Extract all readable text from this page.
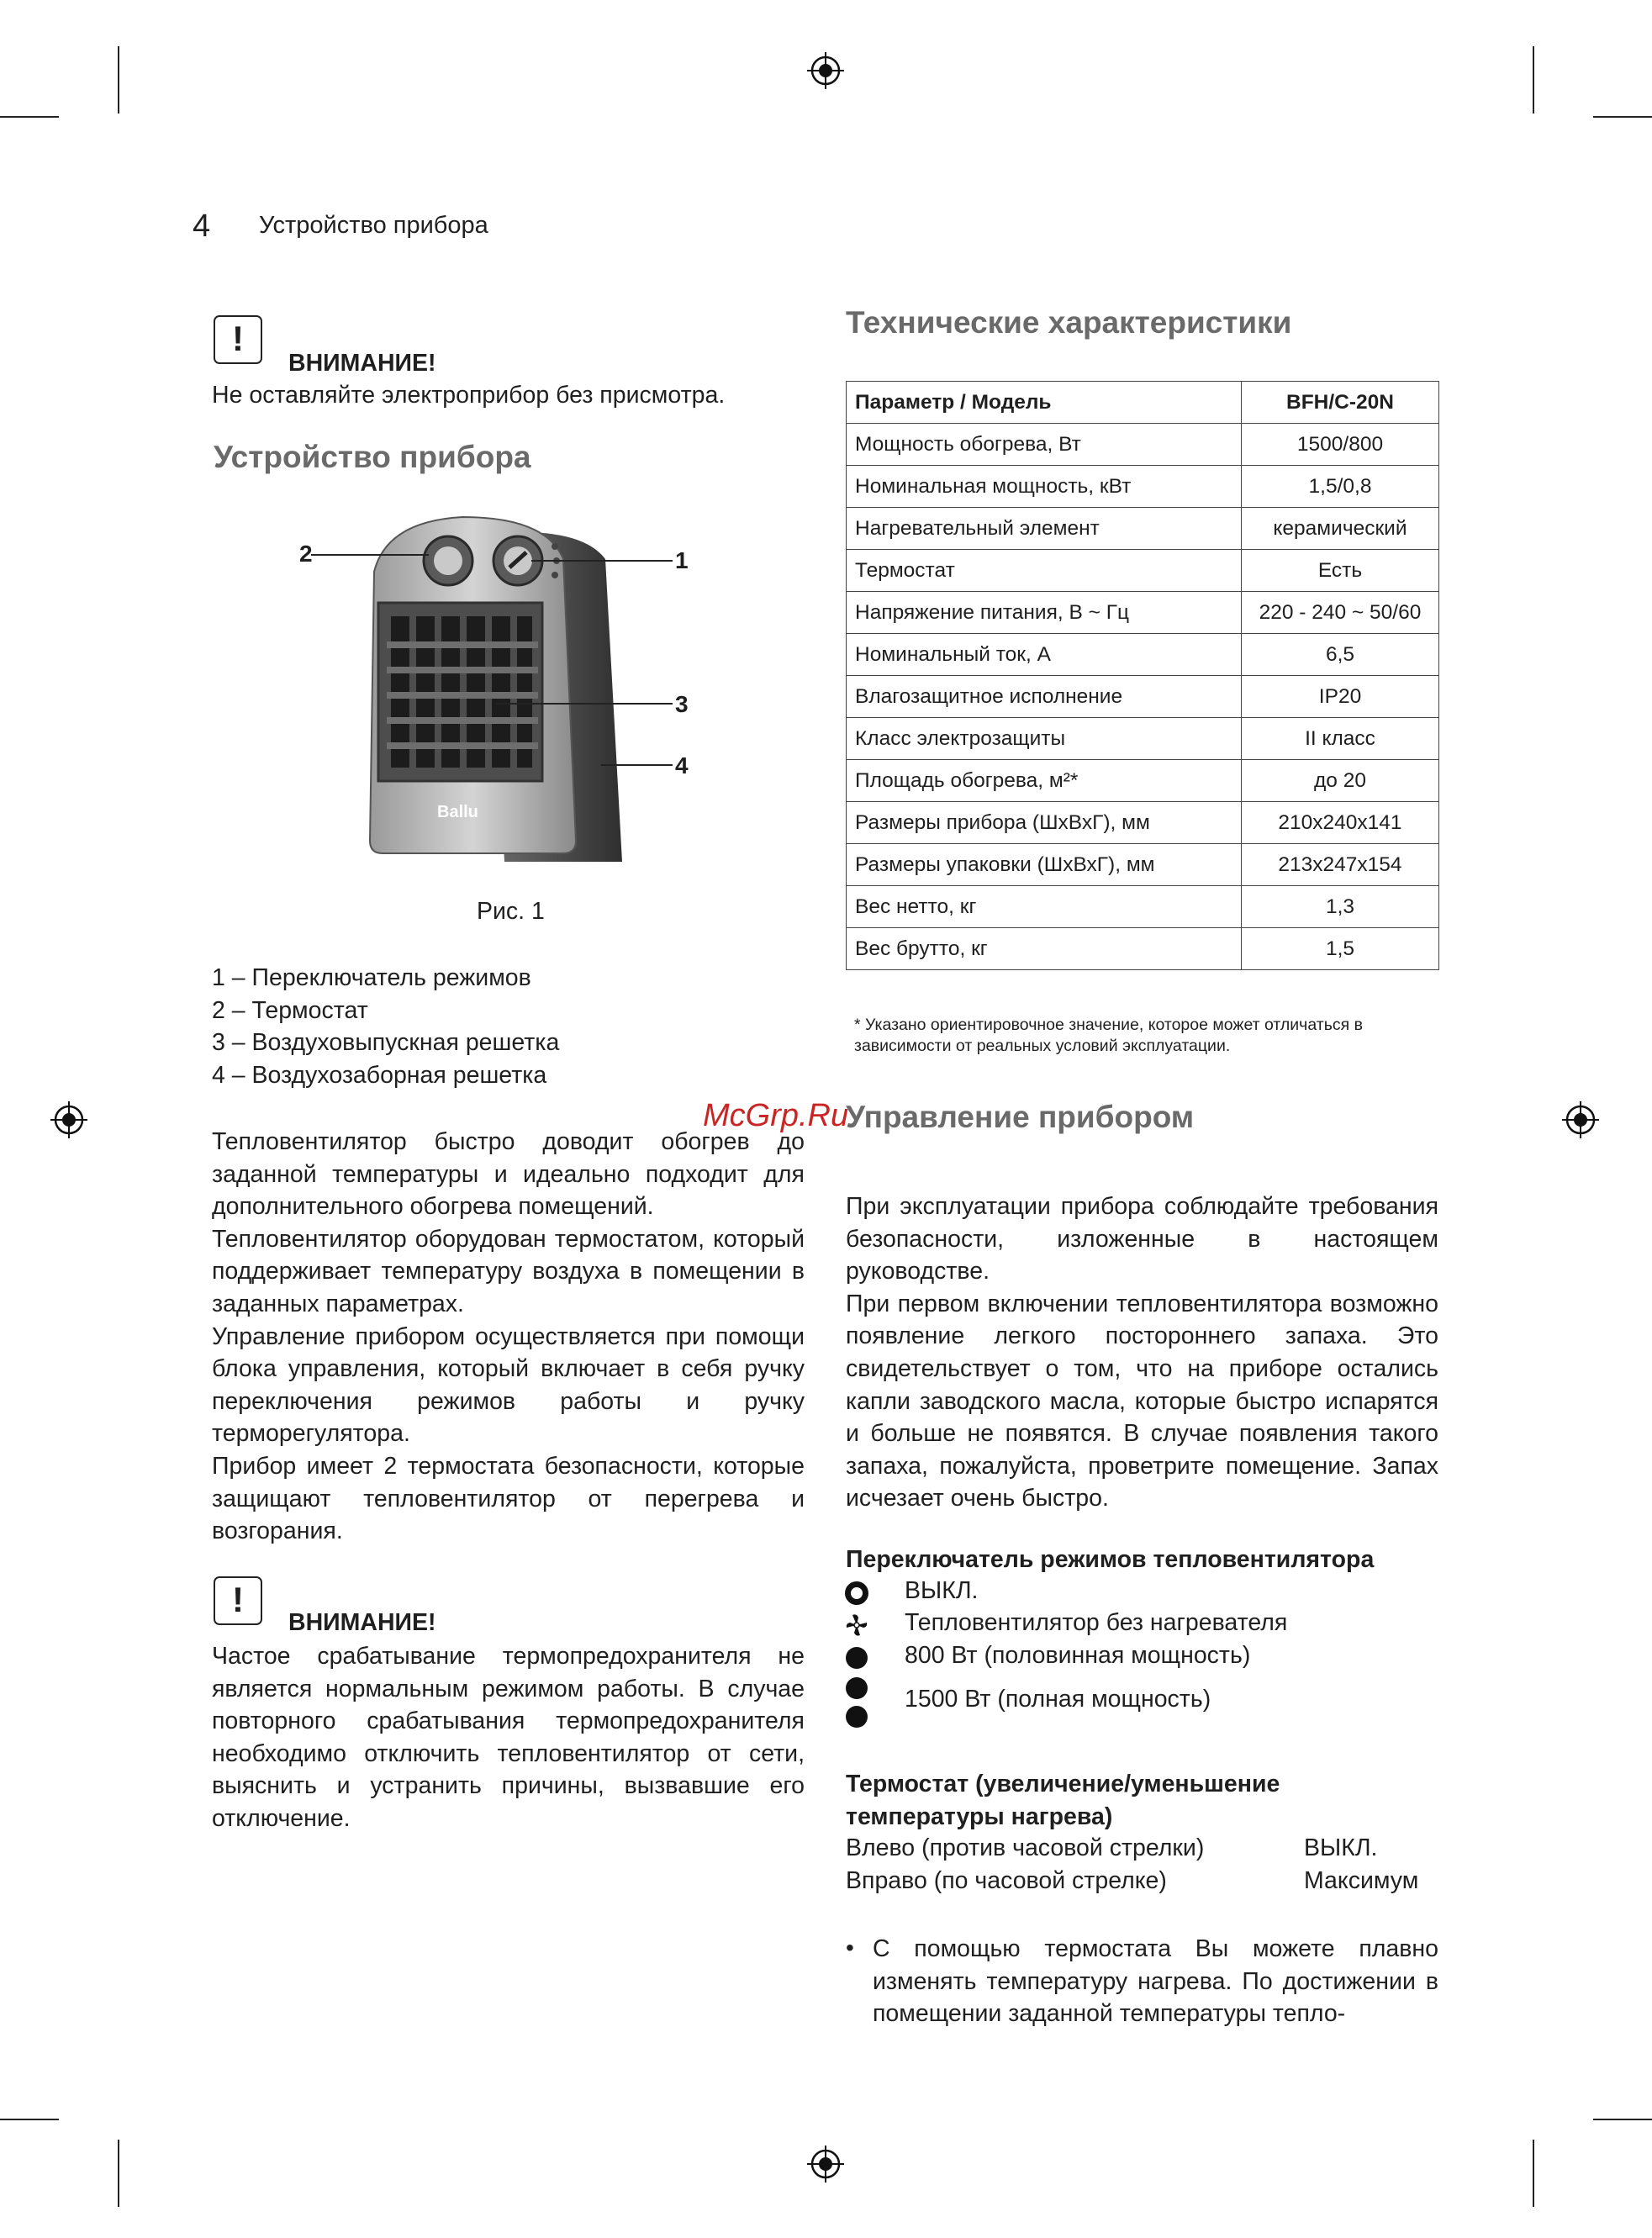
4 Устройство прибора
!
ВНИМАНИЕ!
Не оставляйте электроприбор без присмотра.
Устройство прибора
Ballu
2	1
3
4
Рис. 1
1 – Переключатель режимов
2 – Термостат
3 – Воздуховыпускная решетка
4 – Воздухозаборная решетка
Тепловентилятор быстро доводит обогрев до заданной температуры и идеально подходит для дополнительного обогрева помещений.
Тепловентилятор оборудован термостатом, который поддерживает температуру воздуха в помещении в заданных параметрах.
Управление прибором осуществляется при помощи блока управления, который включает в себя ручку переключения режимов работы и ручку терморегулятора.
Прибор имеет 2 термостата безопасности, которые защищают тепловентилятор от перегрева и возгорания.
!
ВНИМАНИЕ!
Частое срабатывание термопредохранителя не является нормальным режимом работы. В случае повторного срабатывания термопредохранителя необходимо отключить тепловентилятор от сети, выяснить и устранить причины, вызвавшие его отключение.
Технические характеристики
Параметр / Модель	BFH/C-20N
Мощность обогрева, Вт	1500/800
Номинальная мощность, кВт	1,5/0,8
Нагревательный элемент	керамический
Термостат	Есть
Напряжение питания, В ~ Гц	220 - 240 ~ 50/60
Номинальный ток, А	6,5
Влагозащитное исполнение	IP20
Класс электрозащиты	II класс
Площадь обогрева, м²*	до 20
Размеры прибора (ШхВхГ), мм	210х240х141
Размеры упаковки (ШхВхГ), мм	213х247х154
Вес нетто, кг	1,3
Вес брутто, кг	1,5
* Указано ориентировочное значение, которое может отличаться в зависимости от реальных условий эксплуатации.
Управление прибором
При эксплуатации прибора соблюдайте требования безопасности, изложенные в настоящем руководстве.
При первом включении тепловентилятора возможно появление легкого постороннего запаха. Это свидетельствует о том, что на приборе остались капли заводского масла, которые быстро испарятся и больше не появятся. В случае появления такого запаха, пожалуйста, проветрите помещение. Запах исчезает очень быстро.
Переключатель режимов тепловентилятора
ВЫКЛ.
Тепловентилятор без нагревателя
800 Вт (половинная мощность)
1500 Вт (полная мощность)
Термостат (увеличение/уменьшение температуры нагрева)
Влево (против часовой стрелки)	ВЫКЛ.
Вправо (по часовой стрелке)	Максимум
• С помощью термостата Вы можете плавно изменять температуру нагрева. По достижении в помещении заданной температуры тепло-
McGrp.Ru
